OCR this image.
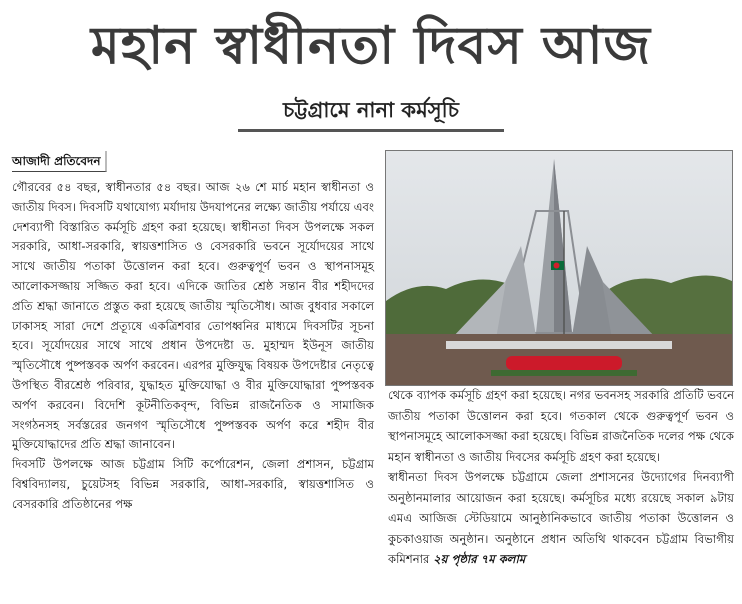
মহান স্বাধীনতা দিবস আজ
চট্টগ্রামে নানা কর্মসূচি
আজাদী প্রতিবেদন

গৌরবের ৫৪ বছর, স্বাধীনতার ৫৪ বছর। আজ ২৬ শে মার্চ মহান স্বাধীনতা ও জাতীয় দিবস। দিবসটি যথাযোগ্য মর্যাদায় উদযাপনের লক্ষ্যে জাতীয় পর্যায়ে এবং দেশব্যাপী বিস্তারিত কর্মসূচি গ্রহণ করা হয়েছে। স্বাধীনতা দিবস উপলক্ষে সকল সরকারি, আধা-সরকারি, স্বায়ত্তশাসিত ও বেসরকারি ভবনে সূর্যোদয়ের সাথে সাথে জাতীয় পতাকা উত্তোলন করা হবে। গুরুত্বপূর্ণ ভবন ও স্থাপনাসমূহ আলোকসজ্জায় সজ্জিত করা হবে। এদিকে জাতির শ্রেষ্ঠ সন্তান বীর শহীদদের প্রতি শ্রদ্ধা জানাতে প্রস্তুত করা হয়েছে জাতীয় স্মৃতিসৌধ। আজ বুধবার সকালে ঢাকাসহ সারা দেশে প্রত্যূষে একত্রিশবার তোপধ্বনির মাধ্যমে দিবসটির সূচনা হবে। সূর্যোদয়ের সাথে সাথে প্রধান উপদেষ্টা ড. মুহাম্মদ ইউনূস জাতীয় স্মৃতিসৌধে পুষ্পস্তবক অর্পণ করবেন। এরপর মুক্তিযুদ্ধ বিষয়ক উপদেষ্টার নেতৃত্বে উপস্থিত বীরশ্রেষ্ঠ পরিবার, যুদ্ধাহত মুক্তিযোদ্ধা ও বীর মুক্তিযোদ্ধারা পুষ্পস্তবক অর্পণ করবেন। বিদেশি কূটনীতিকবৃন্দ, বিভিন্ন রাজনৈতিক ও সামাজিক সংগঠনসহ সর্বস্তরের জনগণ স্মৃতিসৌধে পুষ্পস্তবক অর্পণ করে শহীদ বীর মুক্তিযোদ্ধাদের প্রতি শ্রদ্ধা জানাবেন।

দিবসটি উপলক্ষে আজ চট্টগ্রাম সিটি কর্পোরেশন, জেলা প্রশাসন, চট্টগ্রাম বিশ্ববিদ্যালয়, চুয়েটসহ বিভিন্ন সরকারি, আধা-সরকারি, স্বায়ত্তশাসিত ও বেসরকারি প্রতিষ্ঠানের পক্ষ

থেকে ব্যাপক কর্মসূচি গ্রহণ করা হয়েছে। নগর ভবনসহ সরকারি প্রতিটি ভবনে জাতীয় পতাকা উত্তোলন করা হবে। গতকাল থেকে গুরুত্বপূর্ণ ভবন ও স্থাপনাসমূহে আলোকসজ্জা করা হয়েছে। বিভিন্ন রাজনৈতিক দলের পক্ষ থেকে মহান স্বাধীনতা ও জাতীয় দিবসের কর্মসূচি গ্রহণ করা হয়েছে।

স্বাধীনতা দিবস উপলক্ষে চট্টগ্রামে জেলা প্রশাসনের উদ্যোগের দিনব্যাপী অনুষ্ঠানমালার আয়োজন করা হয়েছে। কর্মসূচির মধ্যে রয়েছে সকাল ৯টায় এমএ আজিজ স্টেডিয়ামে আনুষ্ঠানিকভাবে জাতীয় পতাকা উত্তোলন ও কুচকাওয়াজ অনুষ্ঠান। অনুষ্ঠানে প্রধান অতিথি থাকবেন চট্টগ্রাম বিভাগীয় কমিশনার ২য় পৃষ্ঠার ৭ম কলাম
